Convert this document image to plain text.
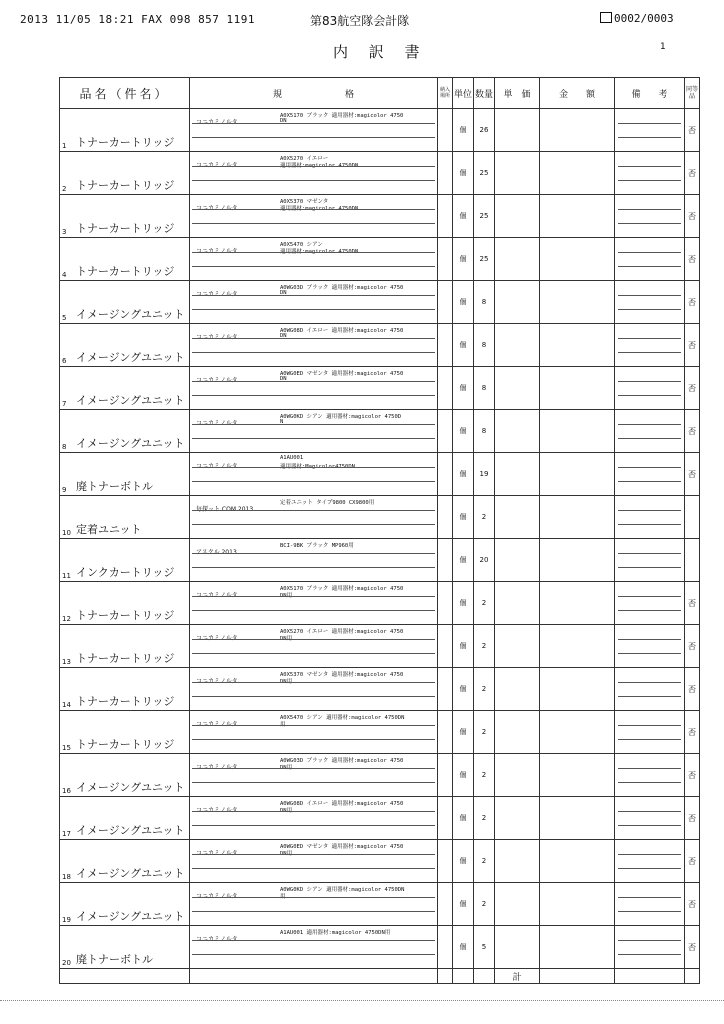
2013 11/05 18:21 FAX 098 857 1191	第83航空隊会計隊	0002/0003
内 訳 書	1
品名（件名）	規　　　　　　　格	納入
場所	単位	数量	単　価	金　　額	備　　考	同等
品

1 トナーカートリッジ	コニカミノルタ
A0X5170 ブラック 適用器材:magicolor 4750
DN		個	26				否

2 トナーカートリッジ	コニカミノルタ
A0X5270 イエロー
適用器材:magicolor 4750DN		個	25				否

3 トナーカートリッジ	コニカミノルタ
A0X5370 マゼンタ
適用器材:magicolor 4750DN		個	25				否

4 トナーカートリッジ	コニカミノルタ
A0X5470 シアン
適用器材:magicolor 4750DN		個	25				否

5 イメージングユニット	コニカミノルタ
A0WG03D ブラック 適用器材:magicolor 4750
DN		個	8				否

6 イメージングユニット	コニカミノルタ
A0WG08D イエロー 適用器材:magicolor 4750
DN		個	8				否

7 イメージングユニット	コニカミノルタ
A0WG0ED マゼンタ 適用器材:magicolor 4750
DN		個	8				否

8 イメージングユニット	コニカミノルタ
A0WG0KD シアン 適用器材:magicolor 4750D
N		個	8				否

9 廃トナーボトル	コニカミノルタ
A1AU001
適用器材:Magicolor4750DN		個	19				否

10 定着ユニット	毎探ット.COM 2013
定着ユニット タイプ9800 CX9800用		個	2			

11 インクカートリッジ	アスクル 2013
BCI-9BK ブラック MP960用		個	20			

12 トナーカートリッジ	コニカミノルタ
A0X5170 ブラック 適用器材:magicolor 4750
DN用		個	2				否

13 トナーカートリッジ	コニカミノルタ
A0X5270 イエロー 適用器材:magicolor 4750
DN用		個	2				否

14 トナーカートリッジ	コニカミノルタ
A0X5370 マゼンタ 適用器材:magicolor 4750
DN用		個	2				否

15 トナーカートリッジ	コニカミノルタ
A0X5470 シアン 適用器材:magicolor 4750DN
用		個	2				否

16 イメージングユニット	コニカミノルタ
A0WG03D ブラック 適用器材:magicolor 4750
DN用		個	2				否

17 イメージングユニット	コニカミノルタ
A0WG08D イエロー 適用器材:magicolor 4750
DN用		個	2				否

18 イメージングユニット	コニカミノルタ
A0WG0ED マゼンタ 適用器材:magicolor 4750
DN用		個	2				否

19 イメージングユニット	コニカミノルタ
A0WG0KD シアン 適用器材:magicolor 4750DN
用		個	2				否

20 廃トナーボトル	コニカミノルタ
A1AU001 適用器材:magicolor 4750DN用		個	5				否
					計			
